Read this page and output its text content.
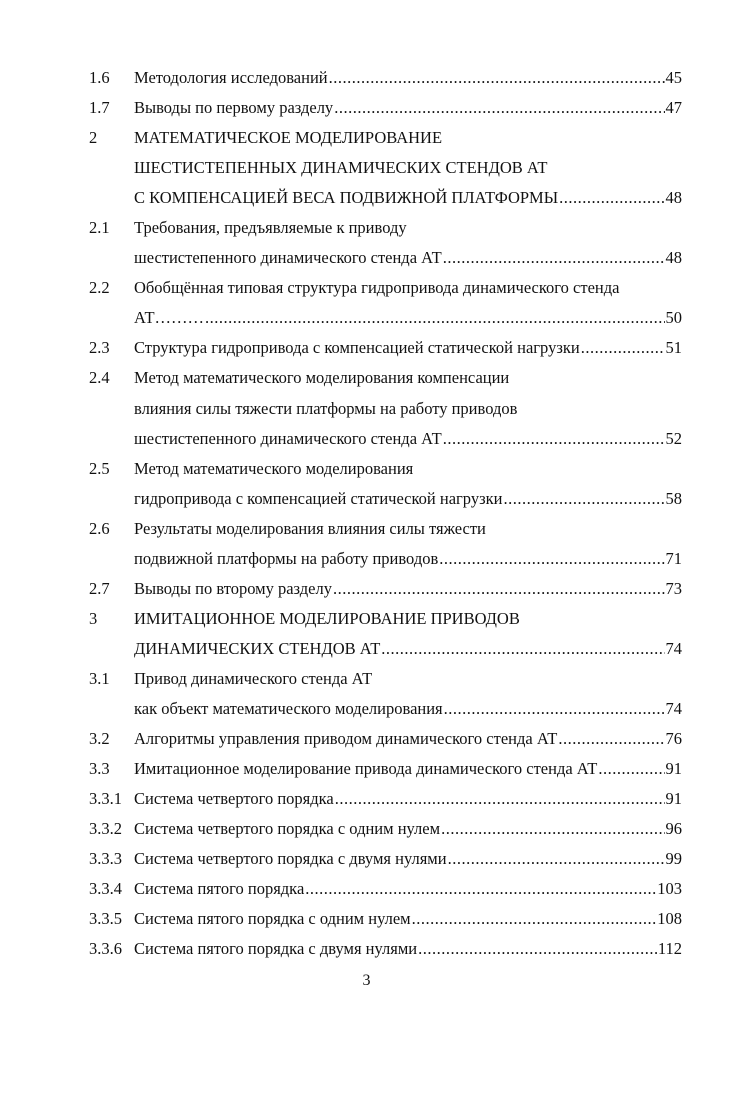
1.6 Методология исследований .....	45
1.7 Выводы по первому разделу .....	47
2 МАТЕМАТИЧЕСКОЕ МОДЕЛИРОВАНИЕ
ШЕСТИСТЕПЕННЫХ ДИНАМИЧЕСКИХ СТЕНДОВ АТ
С КОМПЕНСАЦИЕЙ ВЕСА ПОДВИЖНОЙ ПЛАТФОРМЫ .....	48
2.1 Требования, предъявляемые к приводу
шестистепенного динамического стенда АТ .....	48
2.2 Обобщённая типовая структура гидропривода динамического стенда
АТ……… .....	50
2.3 Структура гидропривода с компенсацией статической нагрузки .....	51
2.4 Метод математического моделирования компенсации
влияния силы тяжести платформы на работу приводов
шестистепенного динамического стенда АТ .....	52
2.5 Метод математического моделирования
гидропривода с компенсацией статической нагрузки .....	58
2.6 Результаты моделирования влияния силы тяжести
подвижной платформы на работу приводов .....	71
2.7 Выводы по второму разделу .....	73
3 ИМИТАЦИОННОЕ МОДЕЛИРОВАНИЕ ПРИВОДОВ
ДИНАМИЧЕСКИХ СТЕНДОВ АТ .....	74
3.1 Привод динамического стенда АТ
как объект математического моделирования .....	74
3.2 Алгоритмы управления приводом динамического стенда АТ .....	76
3.3 Имитационное моделирование привода динамического стенда АТ .....	91
3.3.1 Система четвертого порядка .....	91
3.3.2 Система четвертого порядка с одним нулем .....	96
3.3.3 Система четвертого порядка с двумя нулями .....	99
3.3.4 Система пятого порядка .....	103
3.3.5 Система пятого порядка с одним нулем .....	108
3.3.6 Система пятого порядка с двумя нулями .....	112
3
